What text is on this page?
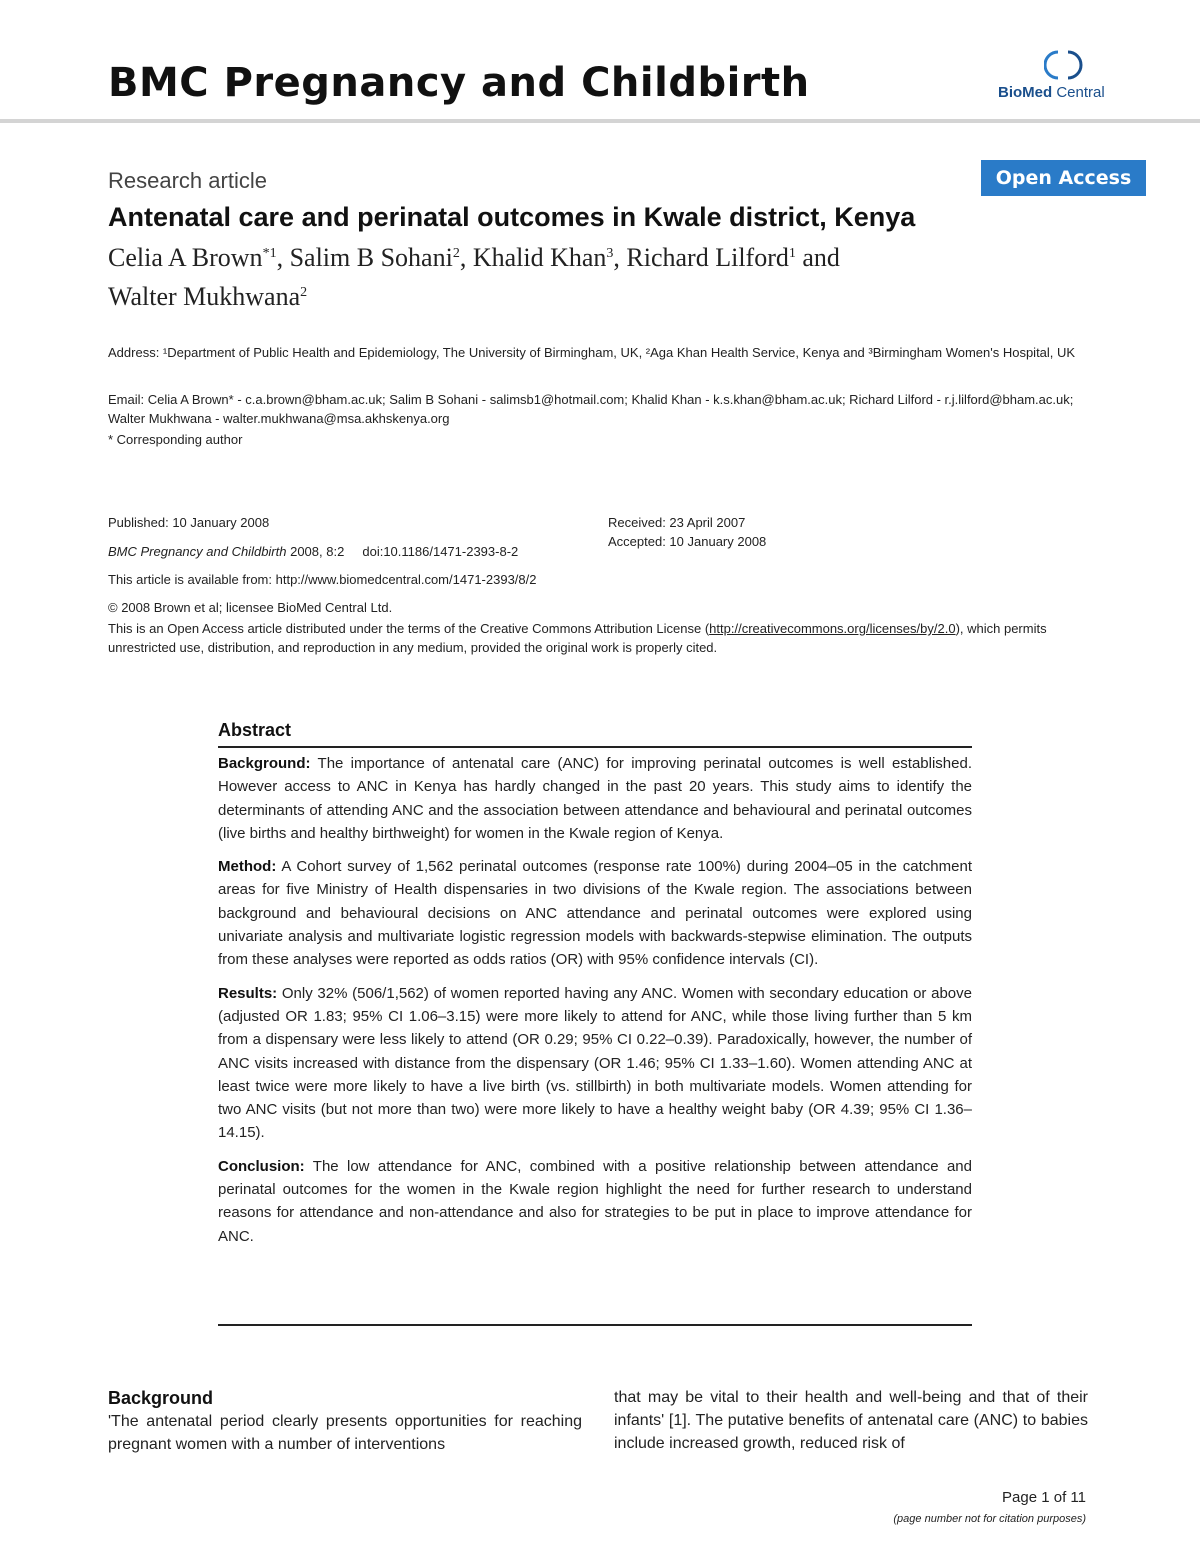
BMC Pregnancy and Childbirth	BioMed Central
Research article	Open Access
Antenatal care and perinatal outcomes in Kwale district, Kenya
Celia A Brown$^{*1}$, Salim B Sohani$^2$, Khalid Khan$^3$, Richard Lilford$^1$ and
Walter Mukhwana$^2$
Address: ¹Department of Public Health and Epidemiology, The University of Birmingham, UK, ²Aga Khan Health Service, Kenya and ³Birmingham Women's Hospital, UK
Email: Celia A Brown* - c.a.brown@bham.ac.uk; Salim B Sohani - salimsb1@hotmail.com; Khalid Khan - k.s.khan@bham.ac.uk; Richard Lilford - r.j.lilford@bham.ac.uk; Walter Mukhwana - walter.mukhwana@msa.akhskenya.org
* Corresponding author
Published: 10 January 2008
BMC Pregnancy and Childbirth 2008, 8:2     doi:10.1186/1471-2393-8-2
Received: 23 April 2007
Accepted: 10 January 2008
This article is available from: http://www.biomedcentral.com/1471-2393/8/2
© 2008 Brown et al; licensee BioMed Central Ltd.
This is an Open Access article distributed under the terms of the Creative Commons Attribution License (http://creativecommons.org/licenses/by/2.0), which permits unrestricted use, distribution, and reproduction in any medium, provided the original work is properly cited.
Abstract

Background: The importance of antenatal care (ANC) for improving perinatal outcomes is well established. However access to ANC in Kenya has hardly changed in the past 20 years. This study aims to identify the determinants of attending ANC and the association between attendance and behavioural and perinatal outcomes (live births and healthy birthweight) for women in the Kwale region of Kenya.

Method: A Cohort survey of 1,562 perinatal outcomes (response rate 100%) during 2004–05 in the catchment areas for five Ministry of Health dispensaries in two divisions of the Kwale region. The associations between background and behavioural decisions on ANC attendance and perinatal outcomes were explored using univariate analysis and multivariate logistic regression models with backwards-stepwise elimination. The outputs from these analyses were reported as odds ratios (OR) with 95% confidence intervals (CI).

Results: Only 32% (506/1,562) of women reported having any ANC. Women with secondary education or above (adjusted OR 1.83; 95% CI 1.06–3.15) were more likely to attend for ANC, while those living further than 5 km from a dispensary were less likely to attend (OR 0.29; 95% CI 0.22–0.39). Paradoxically, however, the number of ANC visits increased with distance from the dispensary (OR 1.46; 95% CI 1.33–1.60). Women attending ANC at least twice were more likely to have a live birth (vs. stillbirth) in both multivariate models. Women attending for two ANC visits (but not more than two) were more likely to have a healthy weight baby (OR 4.39; 95% CI 1.36–14.15).

Conclusion: The low attendance for ANC, combined with a positive relationship between attendance and perinatal outcomes for the women in the Kwale region highlight the need for further research to understand reasons for attendance and non-attendance and also for strategies to be put in place to improve attendance for ANC.

Background
'The antenatal period clearly presents opportunities for reaching pregnant women with a number of interventions
that may be vital to their health and well-being and that of their infants' [1]. The putative benefits of antenatal care (ANC) to babies include increased growth, reduced risk of
Page 1 of 11
(page number not for citation purposes)
